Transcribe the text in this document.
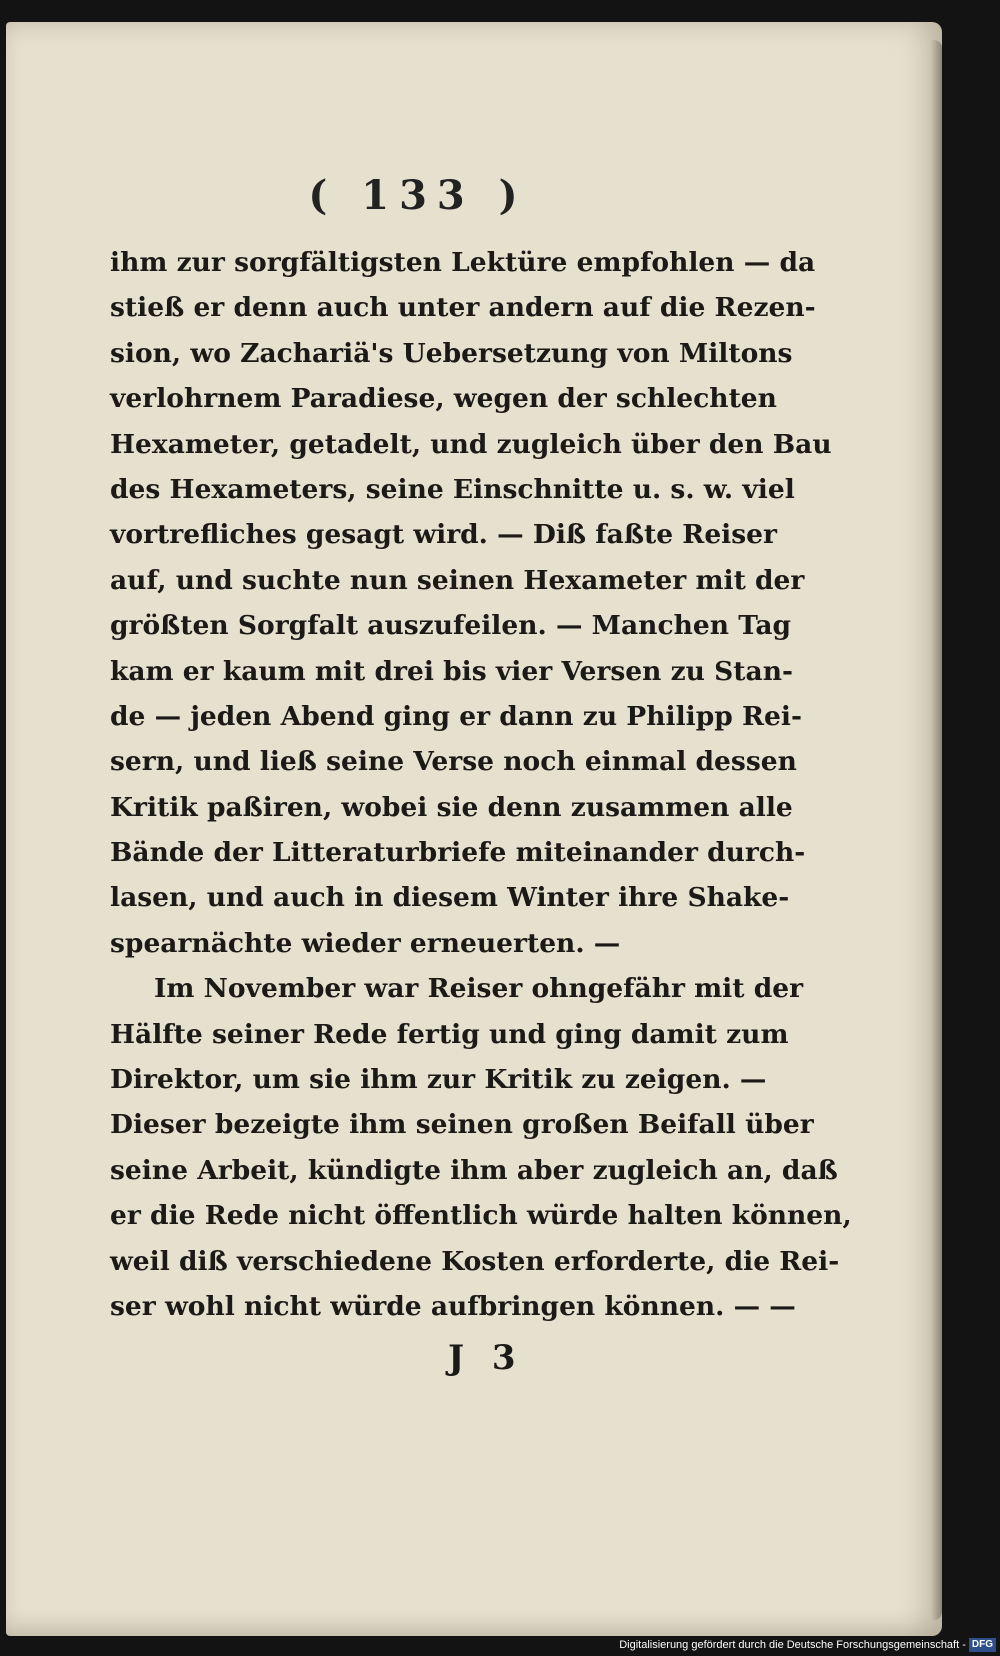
( 133 )
ihm zur sorgfältigsten Lektüre empfohlen — da
stieß er denn auch unter andern auf die Rezen-
sion, wo Zachariä's Uebersetzung von Miltons
verlohrnem Paradiese, wegen der schlechten
Hexameter, getadelt, und zugleich über den Bau
des Hexameters, seine Einschnitte u. s. w. viel
vortrefliches gesagt wird. — Diß faßte Reiser
auf, und suchte nun seinen Hexameter mit der
größten Sorgfalt auszufeilen. — Manchen Tag
kam er kaum mit drei bis vier Versen zu Stan-
de — jeden Abend ging er dann zu Philipp Rei-
sern, und ließ seine Verse noch einmal dessen
Kritik paßiren, wobei sie denn zusammen alle
Bände der Litteraturbriefe miteinander durch-
lasen, und auch in diesem Winter ihre Shake-
spearnächte wieder erneuerten. —
Im November war Reiser ohngefähr mit der
Hälfte seiner Rede fertig und ging damit zum
Direktor, um sie ihm zur Kritik zu zeigen. —
Dieser bezeigte ihm seinen großen Beifall über
seine Arbeit, kündigte ihm aber zugleich an, daß
er die Rede nicht öffentlich würde halten können,
weil diß verschiedene Kosten erforderte, die Rei-
ser wohl nicht würde aufbringen können. — —
J 3
Digitalisierung gefördert durch die Deutsche Forschungsgemeinschaft - DFG
